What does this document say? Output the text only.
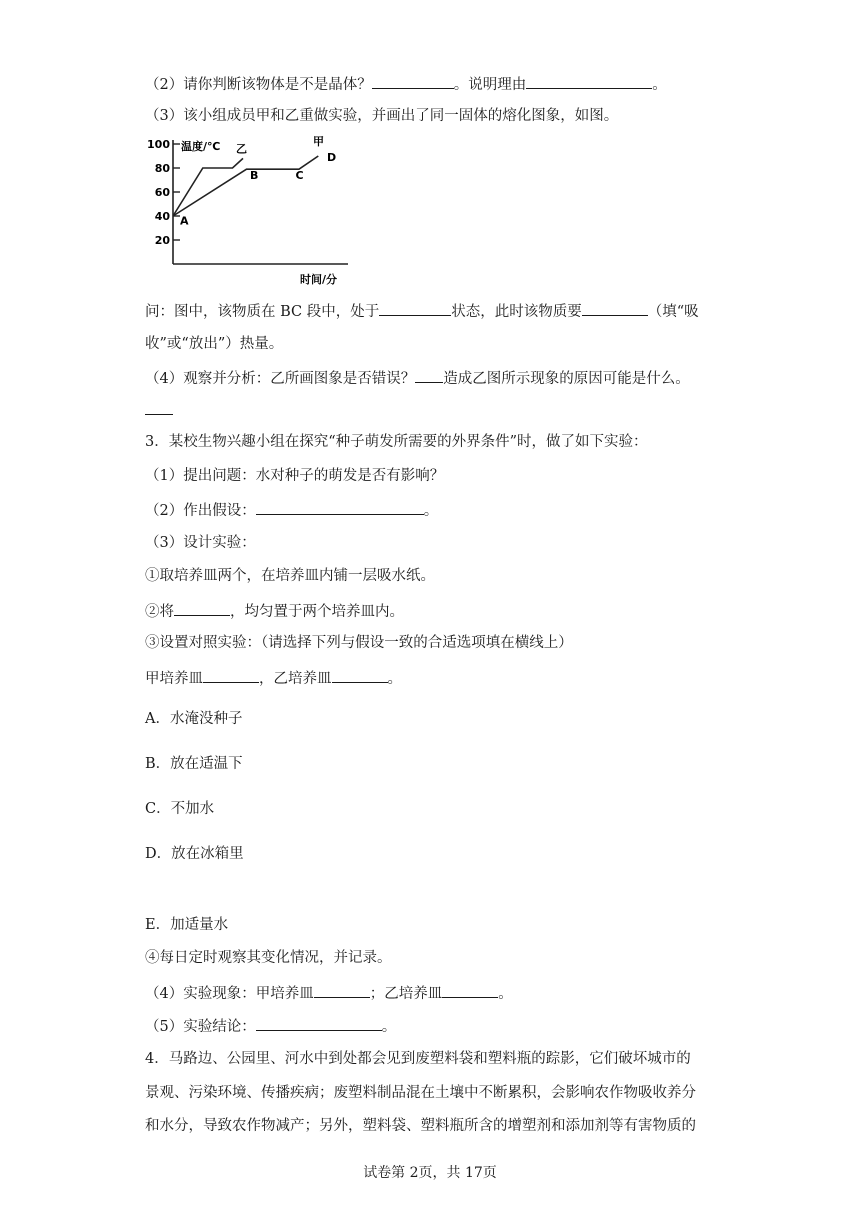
（2）请你判断该物体是不是晶体？	。说明理由	。
（3）该小组成员甲和乙重做实验，并画出了同一固体的熔化图象，如图。
温度/℃
时间/分
100
80
60
40
20
A
B	C
D
乙
甲
问：图中，该物质在 BC 段中，处于	状态，此时该物质要	（填“吸
收”或“放出”）热量。
（4）观察并分析：乙所画图象是否错误？ 造成乙图所示现象的原因可能是什么。
3．某校生物兴趣小组在探究“种子萌发所需要的外界条件”时，做了如下实验：
（1）提出问题：水对种子的萌发是否有影响？
（2）作出假设：	。
（3）设计实验：
①取培养皿两个，在培养皿内铺一层吸水纸。
②将	，均匀置于两个培养皿内。
③设置对照实验：（请选择下列与假设一致的合适选项填在横线上）
甲培养皿	，乙培养皿	。
A．水淹没种子
B．放在适温下
C．不加水
D．放在冰箱里
E．加适量水
④每日定时观察其变化情况，并记录。
（4）实验现象：甲培养皿	；乙培养皿	。
（5）实验结论：	。
4．马路边、公园里、河水中到处都会见到废塑料袋和塑料瓶的踪影，它们破坏城市的
景观、污染环境、传播疾病；废塑料制品混在土壤中不断累积，会影响农作物吸收养分
和水分，导致农作物减产；另外，塑料袋、塑料瓶所含的增塑剂和添加剂等有害物质的
试卷第 2页，共 17页
